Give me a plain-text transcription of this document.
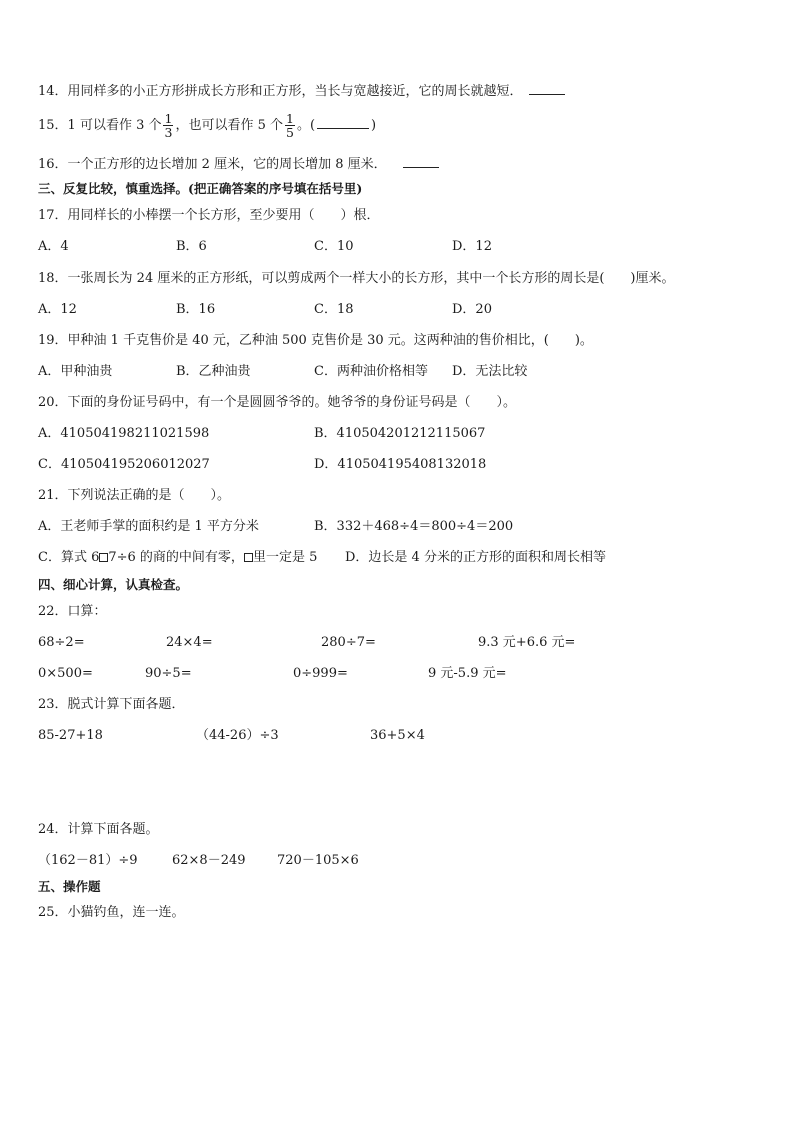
14．用同样多的小正方形拼成长方形和正方形，当长与宽越接近，它的周长就越短．
15．1 可以看作 3 个 $\frac{1}{3}$ ，也可以看作 5 个 $\frac{1}{5}$ 。(	)
16．一个正方形的边长增加 2 厘米，它的周长增加 8 厘米．
三、反复比较，慎重选择。(把正确答案的序号填在括号里)
17．用同样长的小棒摆一个长方形，至少要用（　　）根．
A．4	B．6	C．10	D．12
18．一张周长为 24 厘米的正方形纸，可以剪成两个一样大小的长方形，其中一个长方形的周长是(　　)厘米。
A．12	B．16	C．18	D．20
19．甲种油 1 千克售价是 40 元，乙种油 500 克售价是 30 元。这两种油的售价相比，(　　)。
A．甲种油贵	B．乙种油贵	C．两种油价格相等 D．无法比较
20．下面的身份证号码中，有一个是圆圆爷爷的。她爷爷的身份证号码是（　　）。
A．410504198211021598	B．410504201212115067
C．410504195206012027	D．410504195408132018
21．下列说法正确的是（　　）。
A．王老师手掌的面积约是 1 平方分米	B．332＋468÷4＝800÷4＝200
C．算式 6 7÷6 的商的中间有零， 里一定是 5 D．边长是 4 分米的正方形的面积和周长相等
四、细心计算，认真检查。
22．口算：
68÷2=	24×4=	280÷7=	9.3 元+6.6 元=
0×500=	90÷5=	0÷999=	9 元-5.9 元=
23．脱式计算下面各题．
85-27+18	（44-26）÷3	36+5×4
24．计算下面各题。
（162－81）÷9	62×8－249 720－105×6
五、操作题
25．小猫钓鱼，连一连。
